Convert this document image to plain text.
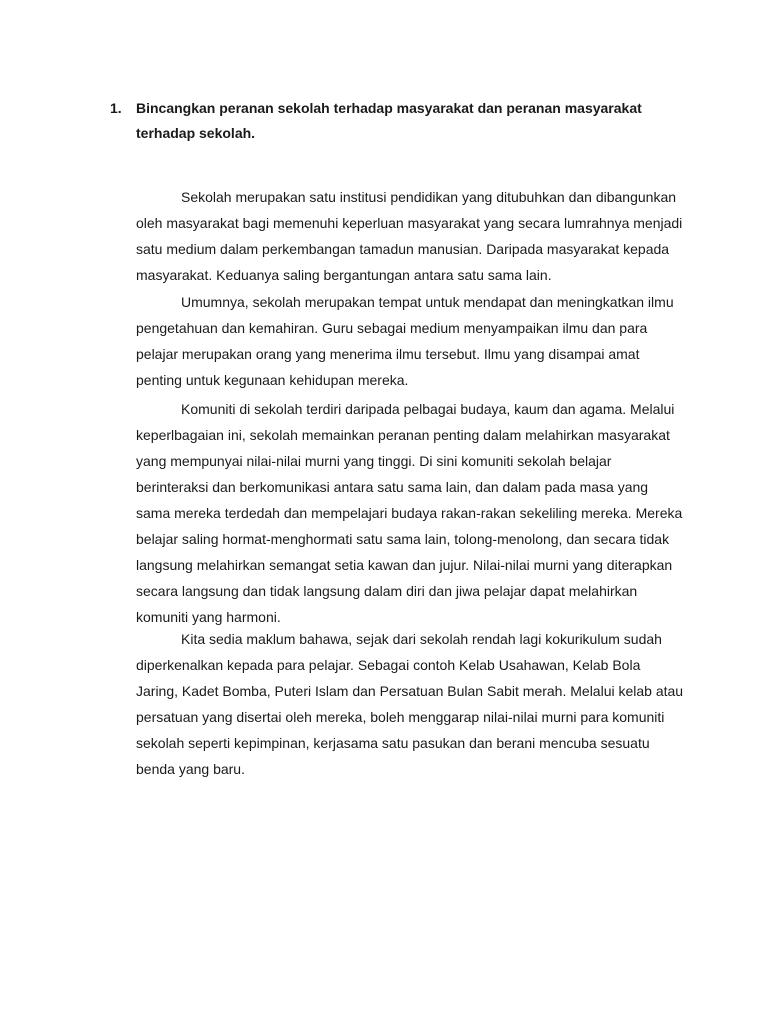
1.	Bincangkan peranan sekolah terhadap masyarakat dan peranan masyarakat
terhadap sekolah.

Sekolah merupakan satu institusi pendidikan yang ditubuhkan dan dibangunkan
oleh masyarakat bagi memenuhi keperluan masyarakat yang secara lumrahnya menjadi
satu medium dalam perkembangan tamadun manusian. Daripada masyarakat kepada
masyarakat. Keduanya saling bergantungan antara satu sama lain.

Umumnya, sekolah merupakan tempat untuk mendapat dan meningkatkan ilmu
pengetahuan dan kemahiran. Guru sebagai medium menyampaikan ilmu dan para
pelajar merupakan orang yang menerima ilmu tersebut. Ilmu yang disampai amat
penting untuk kegunaan kehidupan mereka.

Komuniti di sekolah terdiri daripada pelbagai budaya, kaum dan agama. Melalui
keperlbagaian ini, sekolah memainkan peranan penting dalam melahirkan masyarakat
yang mempunyai nilai-nilai murni yang tinggi. Di sini komuniti sekolah belajar
berinteraksi dan berkomunikasi antara satu sama lain, dan dalam pada masa yang
sama mereka terdedah dan mempelajari budaya rakan-rakan sekeliling mereka. Mereka
belajar saling hormat-menghormati satu sama lain, tolong-menolong, dan secara tidak
langsung melahirkan semangat setia kawan dan jujur. Nilai-nilai murni yang diterapkan
secara langsung dan tidak langsung dalam diri dan jiwa pelajar dapat melahirkan
komuniti yang harmoni.

Kita sedia maklum bahawa, sejak dari sekolah rendah lagi kokurikulum sudah
diperkenalkan kepada para pelajar. Sebagai contoh Kelab Usahawan, Kelab Bola
Jaring, Kadet Bomba, Puteri Islam dan Persatuan Bulan Sabit merah. Melalui kelab atau
persatuan yang disertai oleh mereka, boleh menggarap nilai-nilai murni para komuniti
sekolah seperti kepimpinan, kerjasama satu pasukan dan berani mencuba sesuatu
benda yang baru.
